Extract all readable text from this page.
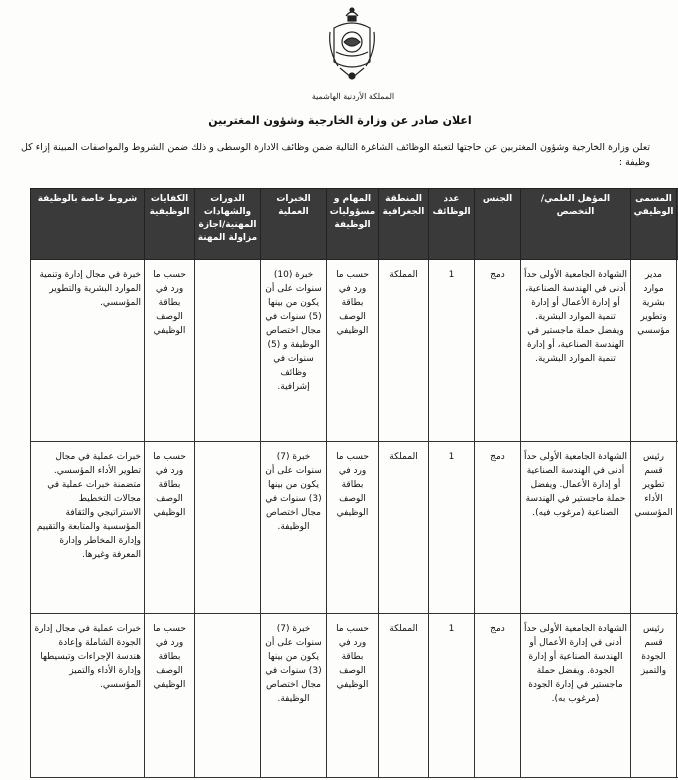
المملكة الأردنية الهاشمية
اعلان صادر عن وزارة الخارجية وشؤون المغتربين
تعلن وزارة الخارجية وشؤون المغتربين عن حاجتها لتعبئة الوظائف الشاغرة التالية ضمن وظائف الادارة الوسطى و ذلك ضمن الشروط والمواصفات المبينة إزاء كل وظيفة :
	المسمى الوظيفي	المؤهل العلمي/ التخصص	الجنس	عدد الوظائف	المنطقة الجغرافية	المهام و مسؤوليات الوظيفة	الخبرات العملية	الدورات والشهادات المهنية/اجازة مزاولة المهنة	الكفايات الوظيفية	شروط خاصة بالوظيفة
	مدير موارد بشرية وتطوير مؤسسي	الشهادة الجامعية الأولى حداً أدنى في الهندسة الصناعية، أو إدارة الأعمال أو إدارة تنمية الموارد البشرية. ويفضل حملة ماجستير في الهندسة الصناعية، أو إدارة تنمية الموارد البشرية.	دمج	1	المملكة	حسب ما ورد في بطاقة الوصف الوظيفي	خبرة (10) سنوات على أن يكون من بينها (5) سنوات في مجال اختصاص الوظيفة و (5) سنوات في وظائف إشرافية.		حسب ما ورد في بطاقة الوصف الوظيفي	خبرة في مجال إدارة وتنمية الموارد البشرية والتطوير المؤسسي.
	رئيس قسم تطوير الأداء المؤسسي	الشهادة الجامعية الأولى حداً أدنى في الهندسة الصناعية أو إدارة الأعمال. ويفضل حملة ماجستير في الهندسة الصناعية (مرغوب فيه).	دمج	1	المملكة	حسب ما ورد في بطاقة الوصف الوظيفي	خبرة (7) سنوات على أن يكون من بينها (3) سنوات في مجال اختصاص الوظيفة.		حسب ما ورد في بطاقة الوصف الوظيفي	خبرات عملية في مجال تطوير الأداء المؤسسي. متضمنة خبرات عملية في مجالات التخطيط الاستراتيجي والثقافة المؤسسية والمتابعة والتقييم وإدارة المخاطر وإدارة المعرفة وغيرها.
	رئيس قسم الجودة والتميز	الشهادة الجامعية الأولى حداً أدنى في إدارة الأعمال أو الهندسة الصناعية أو إدارة الجودة. ويفضل حملة ماجستير في إدارة الجودة (مرغوب به).	دمج	1	المملكة	حسب ما ورد في بطاقة الوصف الوظيفي	خبرة (7) سنوات على أن يكون من بينها (3) سنوات في مجال اختصاص الوظيفة.		حسب ما ورد في بطاقة الوصف الوظيفي	خبرات عملية في مجال إدارة الجودة الشاملة وإعادة هندسة الإجراءات وتبسيطها وإدارة الأداء والتميز المؤسسي.
